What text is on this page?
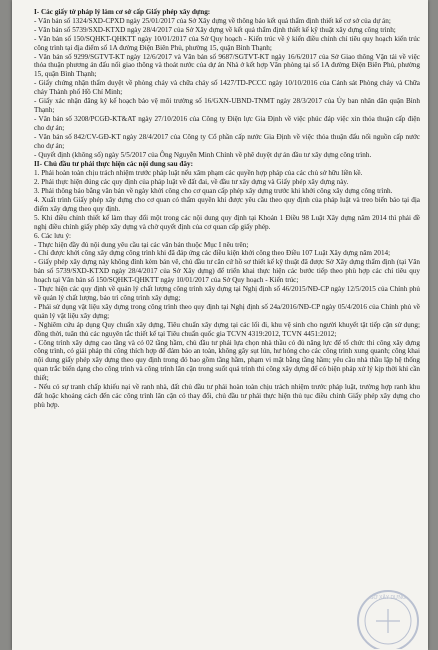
I- Các giấy tờ pháp lý làm cơ sở cấp Giấy phép xây dựng:

- Văn bản số 1324/SXD-CPXD ngày 25/01/2017 của Sở Xây dựng về thông báo kết quả thẩm định thiết kế cơ sở của dự án;

- Văn bản số 5739/SXD-KTXD ngày 28/4/2017 của Sở Xây dựng về kết quả thẩm định thiết kế kỹ thuật xây dựng công trình;

- Văn bản số 150/SQHKT-QHKTT ngày 10/01/2017 của Sở Quy hoạch - Kiến trúc về ý kiến điều chỉnh chỉ tiêu quy hoạch kiến trúc công trình tại địa điểm số 1A đường Điện Biên Phủ, phường 15, quận Bình Thạnh;

- Văn bản số 9299/SGTVT-KT ngày 12/6/2017 và Văn bản số 9687/SGTVT-KT ngày 16/6/2017 của Sở Giao thông Vận tải về việc thỏa thuận phương án đấu nối giao thông và thoát nước của dự án Nhà ở kết hợp Văn phòng tại số 1A đường Điện Biên Phủ, phường 15, quận Bình Thạnh;

- Giấy chứng nhận thẩm duyệt về phòng cháy và chữa cháy số 1427/TD-PCCC ngày 10/10/2016 của Cảnh sát Phòng cháy và Chữa cháy Thành phố Hồ Chí Minh;

- Giấy xác nhận đăng ký kế hoạch bảo vệ môi trường số 16/GXN-UBND-TNMT ngày 28/3/2017 của Ủy ban nhân dân quận Bình Thạnh;

- Văn bản số 3208/PCGĐ-KT&AT ngày 27/10/2016 của Công ty Điện lực Gia Định về việc phúc đáp việc xin thỏa thuận cấp điện cho dự án;

- Văn bản số 842/CV-GĐ-KT ngày 28/4/2017 của Công ty Cổ phần cấp nước Gia Định về việc thỏa thuận đấu nối nguồn cấp nước cho dự án;

- Quyết định (không số) ngày 5/5/2017 của Ông Nguyễn Minh Chính về phê duyệt dự án đầu tư xây dựng công trình.

II- Chủ đầu tư phải thực hiện các nội dung sau đây:

1. Phải hoàn toàn chịu trách nhiệm trước pháp luật nếu xâm phạm các quyền hợp pháp của các chủ sở hữu liền kề.

2. Phải thực hiện đúng các quy định của pháp luật về đất đai, về đầu tư xây dựng và Giấy phép xây dựng này.

3. Phải thông báo bằng văn bản về ngày khởi công cho cơ quan cấp phép xây dựng trước khi khởi công xây dựng công trình.

4. Xuất trình Giấy phép xây dựng cho cơ quan có thẩm quyền khi được yêu cầu theo quy định của pháp luật và treo biển báo tại địa điểm xây dựng theo quy định.

5. Khi điều chỉnh thiết kế làm thay đổi một trong các nội dung quy định tại Khoản 1 Điều 98 Luật Xây dựng năm 2014 thì phải đề nghị điều chỉnh giấy phép xây dựng và chờ quyết định của cơ quan cấp giấy phép.

6. Các lưu ý:

- Thực hiện đầy đủ nội dung yêu cầu tại các văn bản thuộc Mục I nêu trên;

- Chỉ được khởi công xây dựng công trình khi đã đáp ứng các điều kiện khởi công theo Điều 107 Luật Xây dựng năm 2014;

- Giấy phép xây dựng này không đính kèm bản vẽ, chủ đầu tư căn cứ hồ sơ thiết kế kỹ thuật đã được Sở Xây dựng thẩm định (tại Văn bản số 5739/SXD-KTXD ngày 28/4/2017 của Sở Xây dựng) để triển khai thực hiện các bước tiếp theo phù hợp các chỉ tiêu quy hoạch tại Văn bản số 150/SQHKT-QHKTT ngày 10/01/2017 của Sở Quy hoạch - Kiến trúc;

- Thực hiện các quy định về quản lý chất lượng công trình xây dựng tại Nghị định số 46/2015/NĐ-CP ngày 12/5/2015 của Chính phủ về quản lý chất lượng, bảo trì công trình xây dựng;

- Phải sử dụng vật liệu xây dựng trong công trình theo quy định tại Nghị định số 24a/2016/NĐ-CP ngày 05/4/2016 của Chính phủ về quản lý vật liệu xây dựng;

- Nghiêm cứu áp dụng Quy chuẩn xây dựng, Tiêu chuẩn xây dựng tại các lối đi, khu vệ sinh cho người khuyết tật tiếp cận sử dụng; đồng thời, tuân thủ các nguyên tắc thiết kế tại Tiêu chuẩn quốc gia TCVN 4319:2012, TCVN 4451:2012;

- Công trình xây dựng cao tầng và có 02 tầng hầm, chủ đầu tư phải lựa chọn nhà thầu có đủ năng lực để tổ chức thi công xây dựng công trình, có giải pháp thi công thích hợp để đảm bảo an toàn, không gây sụt lún, hư hỏng cho các công trình xung quanh; công khai nội dung giấy phép xây dựng theo quy định trong đó bao gồm tầng hầm, phạm vi mặt bằng tầng hầm; yêu cầu nhà thầu lập hệ thống quan trắc biến dạng cho công trình và công trình lân cận trong suốt quá trình thi công xây dựng để có biện pháp xử lý kịp thời khi cần thiết;

- Nếu có sự tranh chấp khiếu nại về ranh nhà, đất chủ đầu tư phải hoàn toàn chịu trách nhiệm trước pháp luật, trường hợp ranh khu đất hoặc khoảng cách đến các công trình lân cận có thay đổi, chủ đầu tư phải thực hiện thủ tục điều chỉnh Giấy phép xây dựng cho phù hợp.

SỞ XÂY DỰNG
